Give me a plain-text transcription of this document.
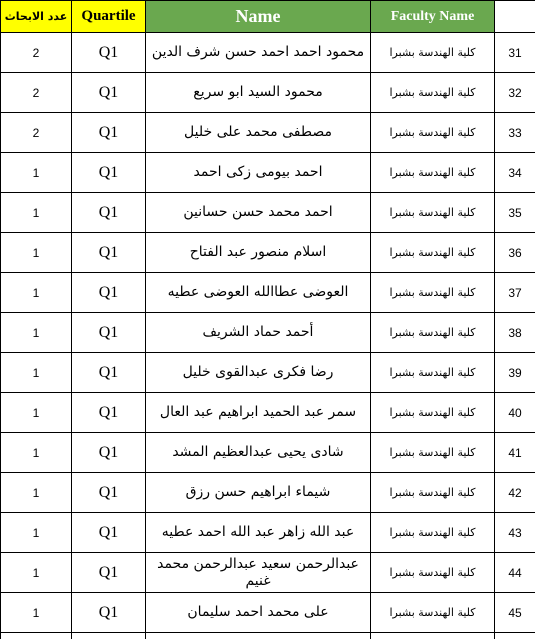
عدد الابحاث	Quartile	Name	Faculty Name	
2	Q1	محمود احمد احمد حسن شرف الدين	كلية الهندسة بشبرا	31
2	Q1	محمود السيد ابو سريع	كلية الهندسة بشبرا	32
2	Q1	مصطفى محمد على خليل	كلية الهندسة بشبرا	33
1	Q1	احمد بيومى زكى احمد	كلية الهندسة بشبرا	34
1	Q1	احمد محمد حسن حسانين	كلية الهندسة بشبرا	35
1	Q1	اسلام منصور عبد الفتاح	كلية الهندسة بشبرا	36
1	Q1	العوضى عطاالله العوضى عطيه	كلية الهندسة بشبرا	37
1	Q1	أحمد حماد الشريف	كلية الهندسة بشبرا	38
1	Q1	رضا فكرى عبدالقوى خليل	كلية الهندسة بشبرا	39
1	Q1	سمر عبد الحميد ابراهيم عبد العال	كلية الهندسة بشبرا	40
1	Q1	شادى يحيى عبدالعظيم المشد	كلية الهندسة بشبرا	41
1	Q1	شيماء ابراهيم حسن رزق	كلية الهندسة بشبرا	42
1	Q1	عبد الله زاهر عبد الله احمد عطيه	كلية الهندسة بشبرا	43
1	Q1	عبدالرحمن سعيد عبدالرحمن محمد غنيم	كلية الهندسة بشبرا	44
1	Q1	على محمد احمد سليمان	كلية الهندسة بشبرا	45
